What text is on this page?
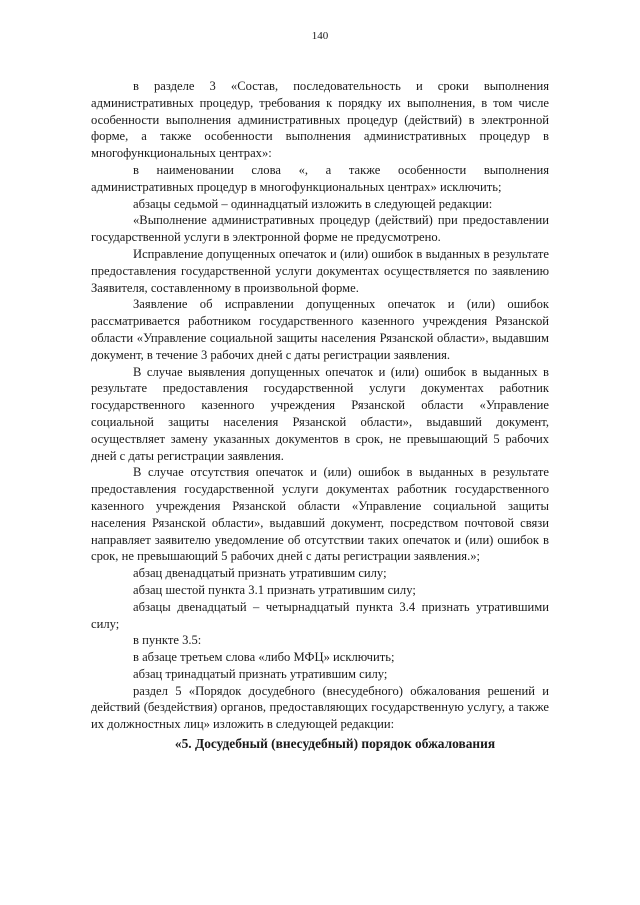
140

в разделе 3 «Состав, последовательность и сроки выполнения административных процедур, требования к порядку их выполнения, в том числе особенности выполнения административных процедур (действий) в электронной форме, а также особенности выполнения административных процедур в многофункциональных центрах»:

в наименовании слова «, а также особенности выполнения административных процедур в многофункциональных центрах» исключить;

абзацы седьмой – одиннадцатый изложить в следующей редакции:

«Выполнение административных процедур (действий) при предоставлении государственной услуги в электронной форме не предусмотрено.

Исправление допущенных опечаток и (или) ошибок в выданных в результате предоставления государственной услуги документах осуществляется по заявлению Заявителя, составленному в произвольной форме.

Заявление об исправлении допущенных опечаток и (или) ошибок рассматривается работником государственного казенного учреждения Рязанской области «Управление социальной защиты населения Рязанской области», выдавшим документ, в течение 3 рабочих дней с даты регистрации заявления.

В случае выявления допущенных опечаток и (или) ошибок в выданных в результате предоставления государственной услуги документах работник государственного казенного учреждения Рязанской области «Управление социальной защиты населения Рязанской области», выдавший документ, осуществляет замену указанных документов в срок, не превышающий 5 рабочих дней с даты регистрации заявления.

В случае отсутствия опечаток и (или) ошибок в выданных в результате предоставления государственной услуги документах работник государственного казенного учреждения Рязанской области «Управление социальной защиты населения Рязанской области», выдавший документ, посредством почтовой связи направляет заявителю уведомление об отсутствии таких опечаток и (или) ошибок в срок, не превышающий 5 рабочих дней с даты регистрации заявления.»;

абзац двенадцатый признать утратившим силу;

абзац шестой пункта 3.1 признать утратившим силу;

абзацы двенадцатый – четырнадцатый пункта 3.4 признать утратившими силу;

в пункте 3.5:

в абзаце третьем слова «либо МФЦ» исключить;

абзац тринадцатый признать утратившим силу;

раздел 5 «Порядок досудебного (внесудебного) обжалования решений и действий (бездействия) органов, предоставляющих государственную услугу, а также их должностных лиц» изложить в следующей редакции:

«5. Досудебный (внесудебный) порядок обжалования
